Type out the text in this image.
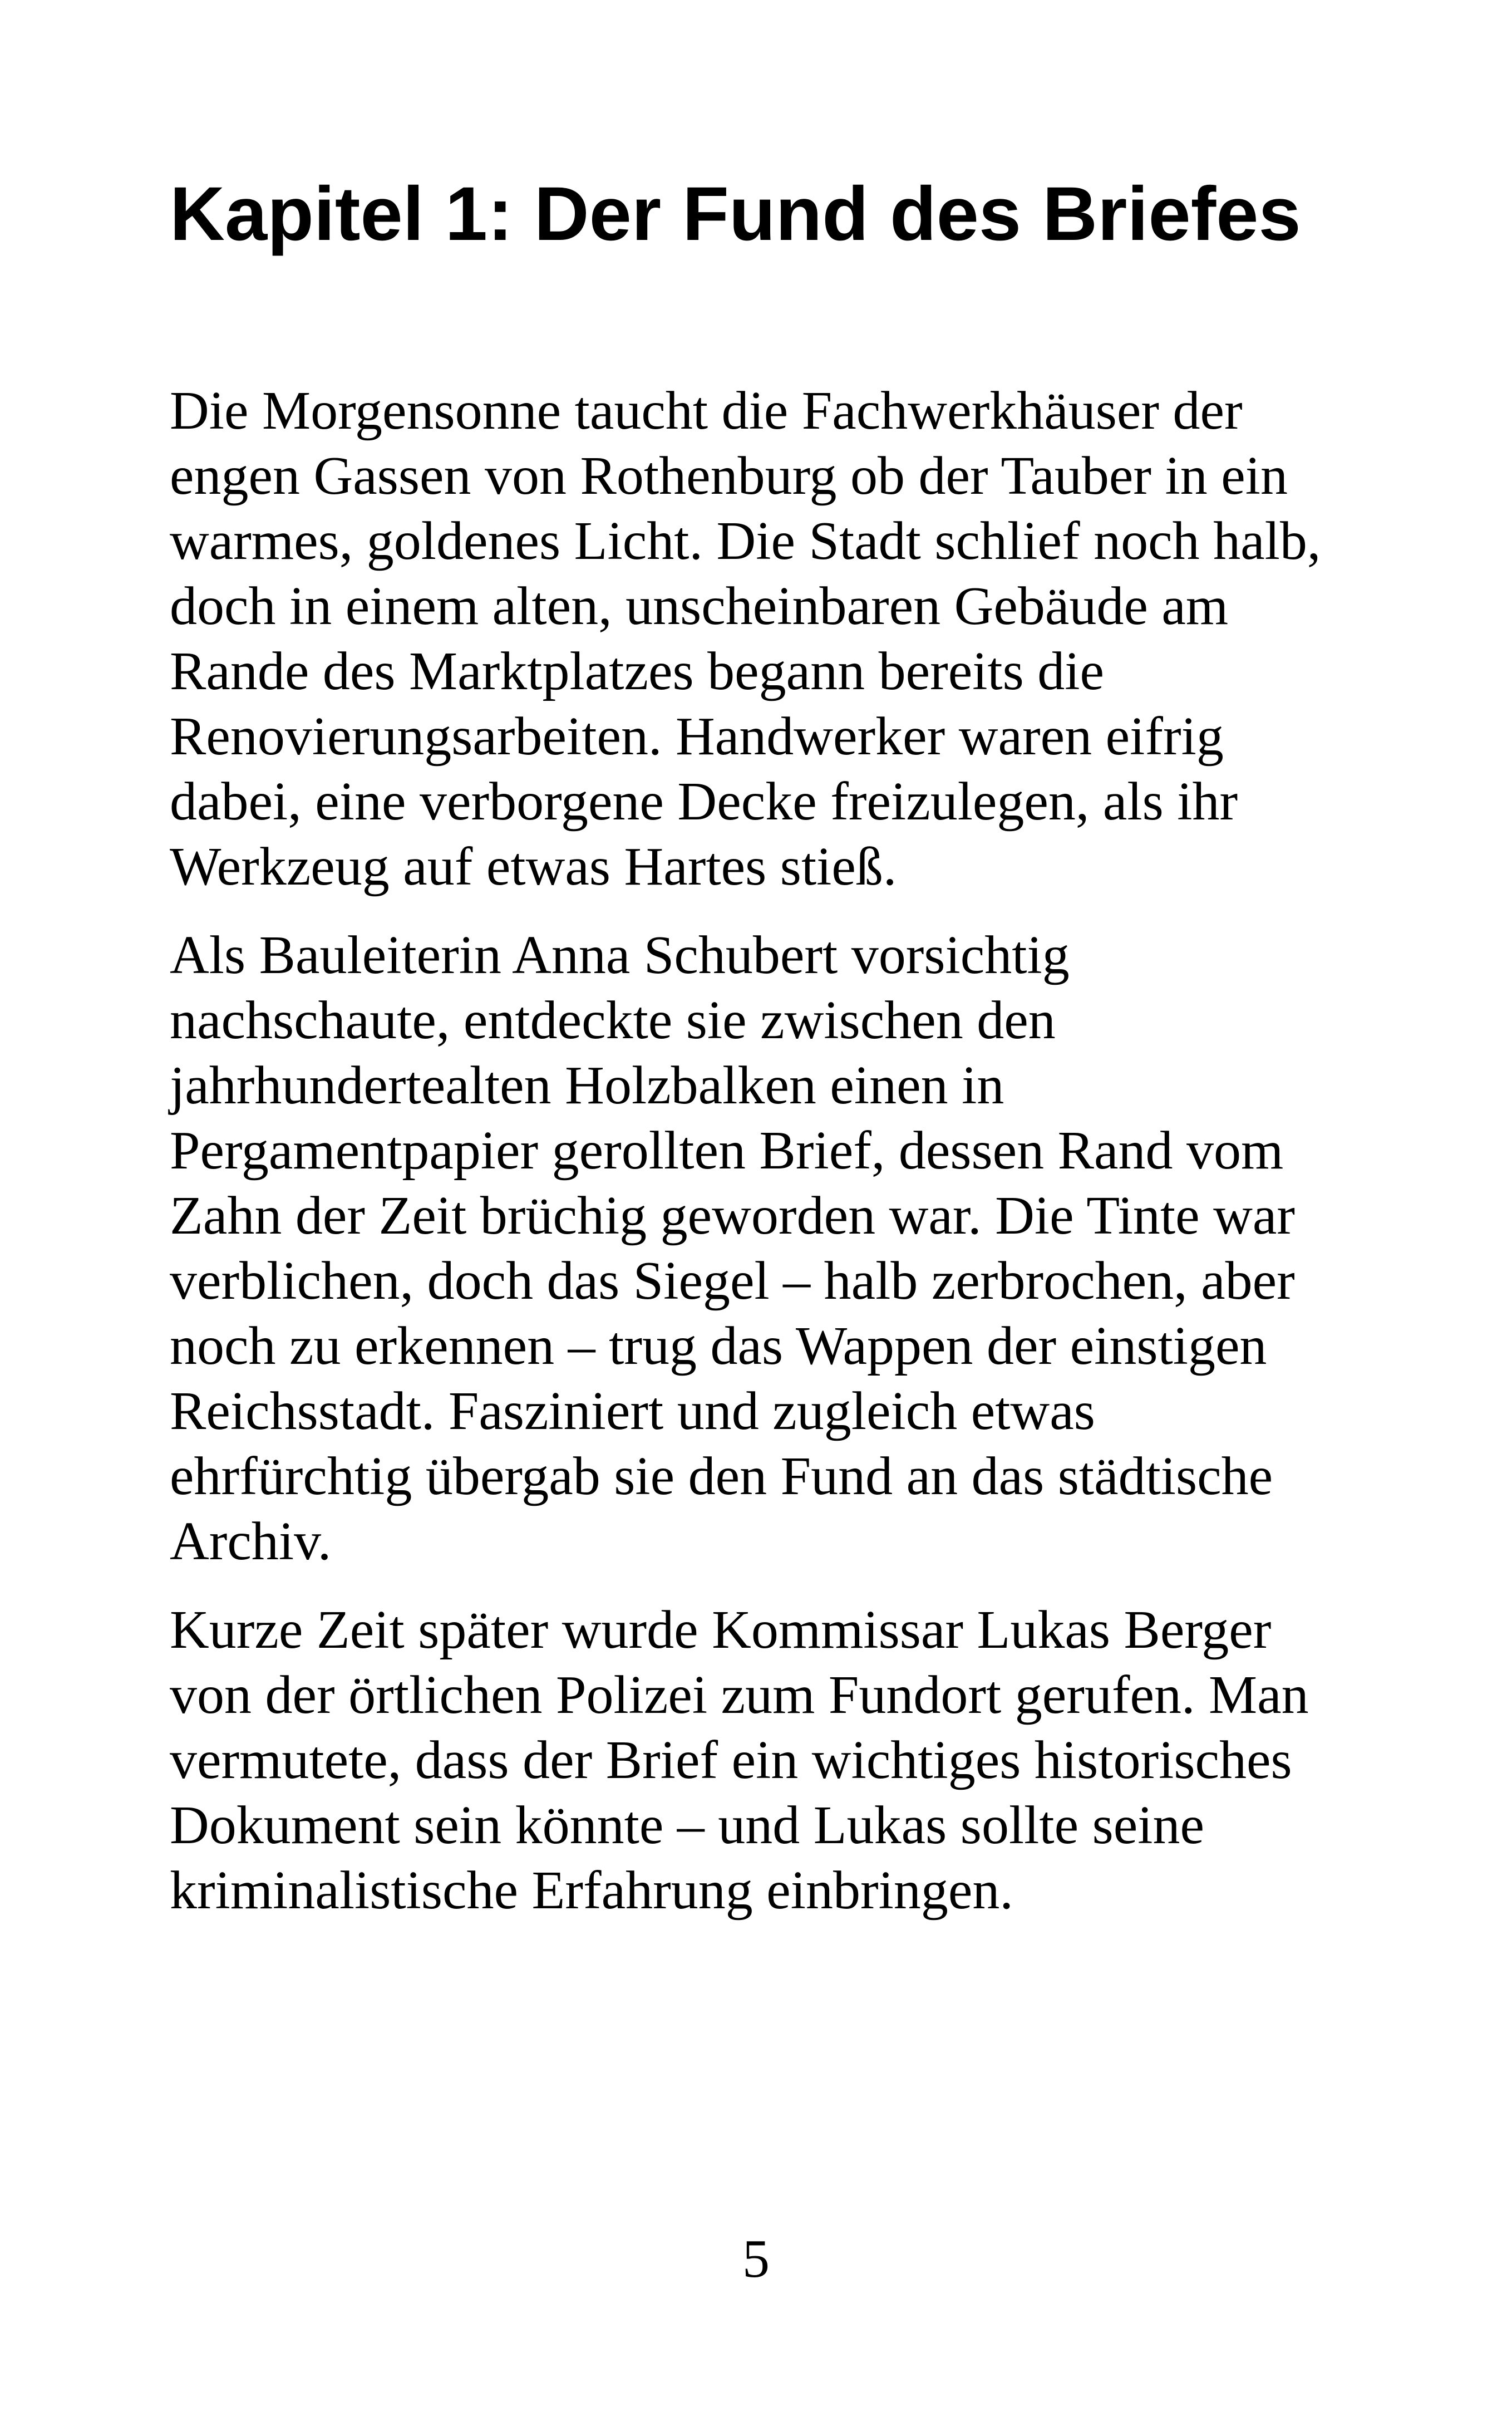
Kapitel 1: Der Fund des Briefes

Die Morgensonne taucht die Fachwerkhäuser der
engen Gassen von Rothenburg ob der Tauber in ein
warmes, goldenes Licht. Die Stadt schlief noch halb,
doch in einem alten, unscheinbaren Gebäude am
Rande des Marktplatzes begann bereits die
Renovierungsarbeiten. Handwerker waren eifrig
dabei, eine verborgene Decke freizulegen, als ihr
Werkzeug auf etwas Hartes stieß.

Als Bauleiterin Anna Schubert vorsichtig
nachschaute, entdeckte sie zwischen den
jahrhundertealten Holzbalken einen in
Pergamentpapier gerollten Brief, dessen Rand vom
Zahn der Zeit brüchig geworden war. Die Tinte war
verblichen, doch das Siegel – halb zerbrochen, aber
noch zu erkennen – trug das Wappen der einstigen
Reichsstadt. Fasziniert und zugleich etwas
ehrfürchtig übergab sie den Fund an das städtische
Archiv.

Kurze Zeit später wurde Kommissar Lukas Berger
von der örtlichen Polizei zum Fundort gerufen. Man
vermutete, dass der Brief ein wichtiges historisches
Dokument sein könnte – und Lukas sollte seine
kriminalistische Erfahrung einbringen.

5
